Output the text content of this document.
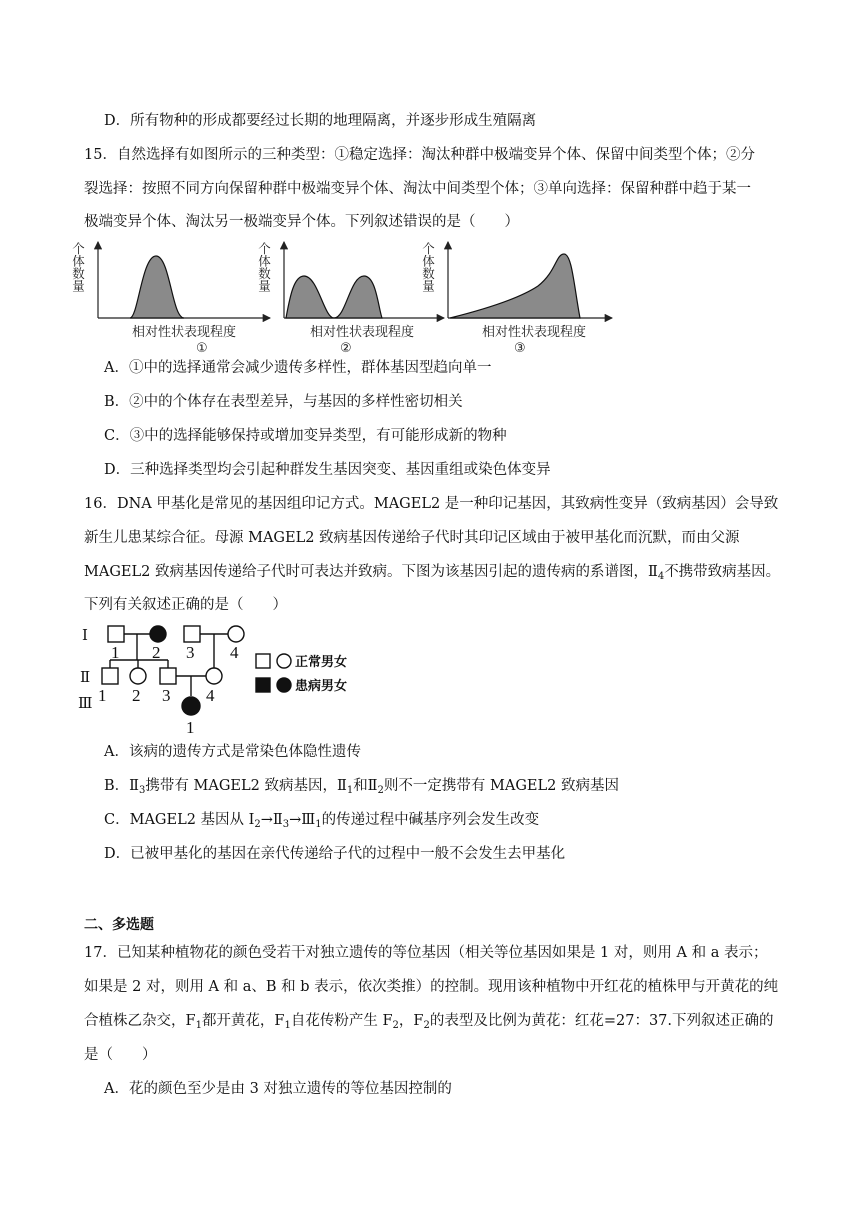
D．所有物种的形成都要经过长期的地理隔离，并逐步形成生殖隔离
15．自然选择有如图所示的三种类型：①稳定选择：淘汰种群中极端变异个体、保留中间类型个体；②分
裂选择：按照不同方向保留种群中极端变异个体、淘汰中间类型个体；③单向选择：保留种群中趋于某一
极端变异个体、淘汰另一极端变异个体。下列叙述错误的是（　　）
个体数量
相对性状表现程度
①
个体数量
相对性状表现程度
②
个体数量
相对性状表现程度
③
A．①中的选择通常会减少遗传多样性，群体基因型趋向单一
B．②中的个体存在表型差异，与基因的多样性密切相关
C．③中的选择能够保持或增加变异类型，有可能形成新的物种
D．三种选择类型均会引起种群发生基因突变、基因重组或染色体变异
16．DNA 甲基化是常见的基因组印记方式。MAGEL2 是一种印记基因，其致病性变异（致病基因）会导致
新生儿患某综合征。母源 MAGEL2 致病基因传递给子代时其印记区域由于被甲基化而沉默，而由父源
MAGEL2 致病基因传递给子代时可表达并致病。下图为该基因引起的遗传病的系谱图，$Ⅱ_4$不携带致病基因。
下列有关叙述正确的是（　　）
Ⅰ
Ⅱ
Ⅲ
1 2 3 4
1 2 3 4
1
正常男女
患病男女
A．该病的遗传方式是常染色体隐性遗传
B．$Ⅱ_3$携带有 MAGEL2 致病基因，$Ⅱ_1$和$Ⅱ_2$则不一定携带有 MAGEL2 致病基因
C．MAGEL2 基因从 $I_2\to Ⅱ_3\to Ⅲ_1$的传递过程中碱基序列会发生改变
D．已被甲基化的基因在亲代传递给子代的过程中一般不会发生去甲基化
二、多选题
17．已知某种植物花的颜色受若干对独立遗传的等位基因（相关等位基因如果是 1 对，则用 A 和 a 表示；
如果是 2 对，则用 A 和 a、B 和 b 表示，依次类推）的控制。现用该种植物中开红花的植株甲与开黄花的纯
合植株乙杂交，$F_1$都开黄花，$F_1$自花传粉产生 $F_2$，$F_2$的表型及比例为黄花：红花=27：37.下列叙述正确的
是（　　）
A．花的颜色至少是由 3 对独立遗传的等位基因控制的
